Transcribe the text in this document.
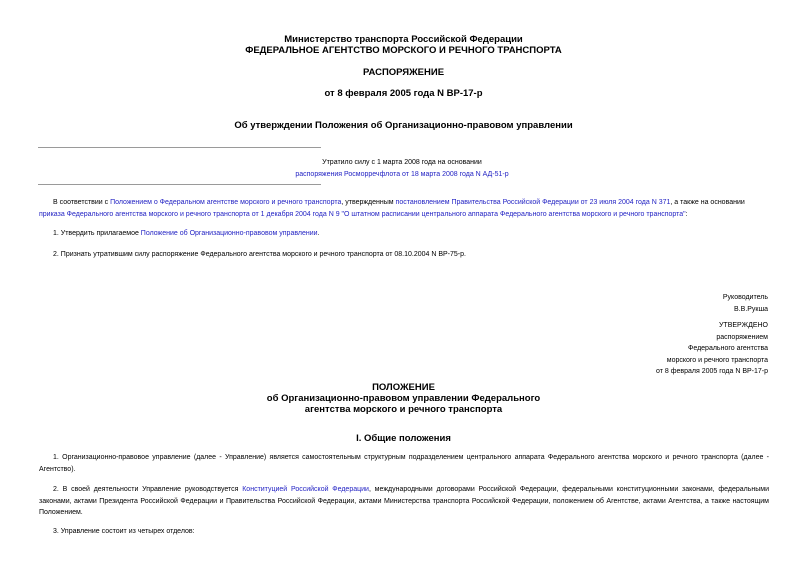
Министерство транспорта Российской Федерации
ФЕДЕРАЛЬНОЕ АГЕНТСТВО МОРСКОГО И РЕЧНОГО ТРАНСПОРТА
РАСПОРЯЖЕНИЕ
от 8 февраля 2005 года N ВР-17-р
Об утверждении Положения об Организационно-правовом управлении
Утратило силу с 1 марта 2008 года на основании
распоряжения Росморречфлота от 18 марта 2008 года N АД-51-р
В соответствии с Положением о Федеральном агентстве морского и речного транспорта, утвержденным постановлением Правительства Российской Федерации от 23 июля 2004 года N 371, а также на основании приказа Федерального агентства морского и речного транспорта от 1 декабря 2004 года N 9 "О штатном расписании центрального аппарата Федерального агентства морского и речного транспорта":
1. Утвердить прилагаемое Положение об Организационно-правовом управлении.
2. Признать утратившим силу распоряжение Федерального агентства морского и речного транспорта от 08.10.2004 N ВР-75-р.
Руководитель
В.В.Рукша
УТВЕРЖДЕНО
распоряжением
Федерального агентства
морского и речного транспорта
от 8 февраля 2005 года N ВР-17-р
ПОЛОЖЕНИЕ
об Организационно-правовом управлении Федерального
агентства морского и речного транспорта
I. Общие положения
1. Организационно-правовое управление (далее - Управление) является самостоятельным структурным подразделением центрального аппарата Федерального агентства морского и речного транспорта (далее - Агентство).
2. В своей деятельности Управление руководствуется Конституцией Российской Федерации, международными договорами Российской Федерации, федеральными конституционными законами, федеральными законами, актами Президента Российской Федерации и Правительства Российской Федерации, актами Министерства транспорта Российской Федерации, положением об Агентстве, актами Агентства, а также настоящим Положением.
3. Управление состоит из четырех отделов:
